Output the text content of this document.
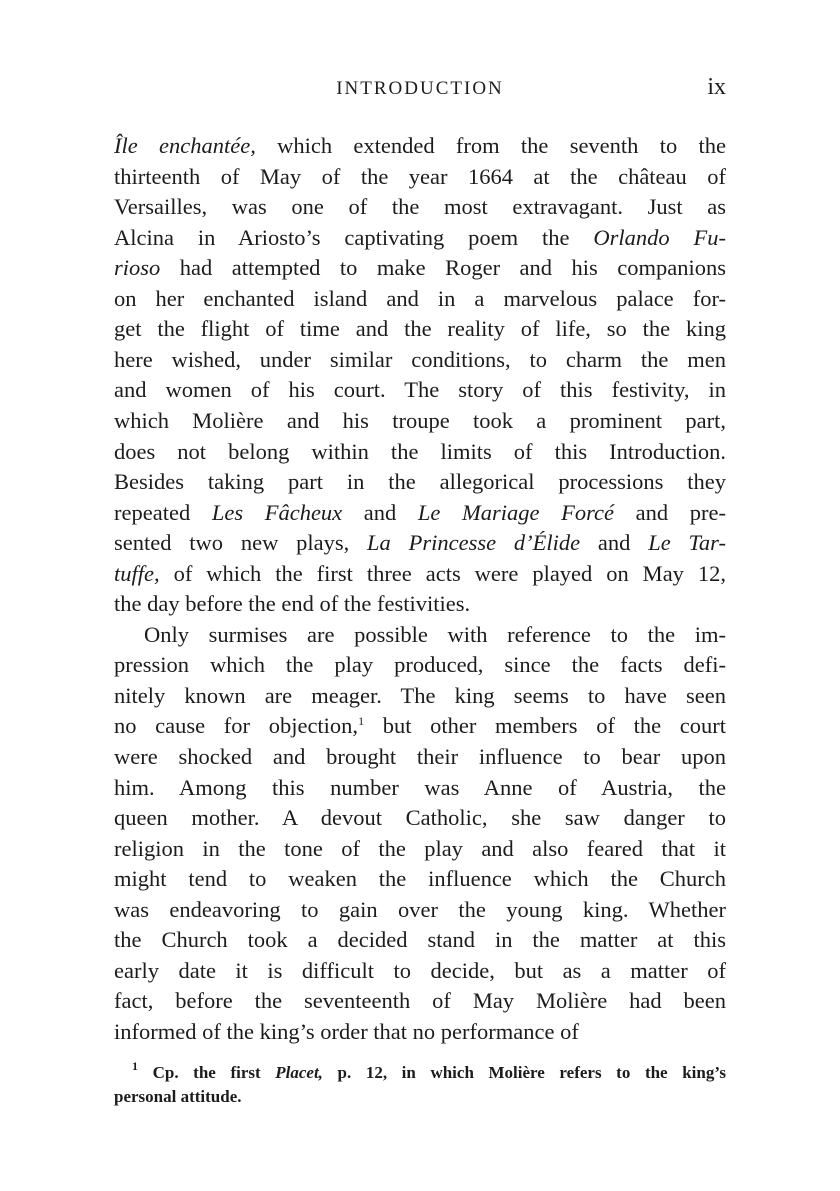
INTRODUCTION	ix
Île enchantée, which extended from the seventh to the
thirteenth of May of the year 1664 at the château of
Versailles, was one of the most extravagant. Just as
Alcina in Ariosto’s captivating poem the Orlando Fu-
rioso had attempted to make Roger and his companions
on her enchanted island and in a marvelous palace for-
get the flight of time and the reality of life, so the king
here wished, under similar conditions, to charm the men
and women of his court. The story of this festivity, in
which Molière and his troupe took a prominent part,
does not belong within the limits of this Introduction.
Besides taking part in the allegorical processions they
repeated Les Fâcheux and Le Mariage Forcé and pre-
sented two new plays, La Princesse d’Élide and Le Tar-
tuffe, of which the first three acts were played on May 12,
the day before the end of the festivities.
Only surmises are possible with reference to the im-
pression which the play produced, since the facts defi-
nitely known are meager. The king seems to have seen
no cause for objection,$^1$ but other members of the court
were shocked and brought their influence to bear upon
him. Among this number was Anne of Austria, the
queen mother. A devout Catholic, she saw danger to
religion in the tone of the play and also feared that it
might tend to weaken the influence which the Church
was endeavoring to gain over the young king. Whether
the Church took a decided stand in the matter at this
early date it is difficult to decide, but as a matter of
fact, before the seventeenth of May Molière had been
informed of the king’s order that no performance of
$^1$ Cp. the first Placet, p. 12, in which Molière refers to the king’s
personal attitude.
